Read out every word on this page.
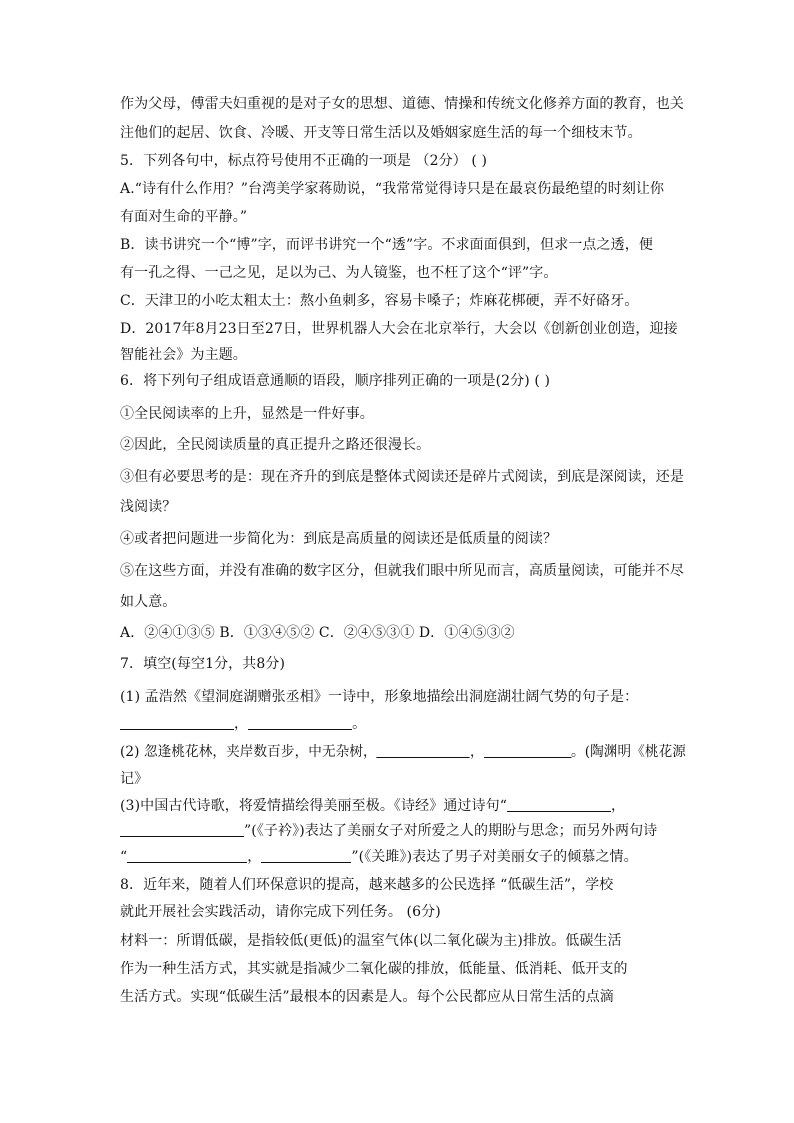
作为父母，傅雷夫妇重视的是对子女的思想、道德、情操和传统文化修养方面的教育，也关
注他们的起居、饮食、冷暖、开支等日常生活以及婚姻家庭生活的每一个细枝末节。
5．下列各句中，标点符号使用不正确的一项是 （2分） ( )
A.“诗有什么作用？”台湾美学家蒋勋说，“我常常觉得诗只是在最哀伤最绝望的时刻让你
有面对生命的平静。”
B．读书讲究一个“博”字，而评书讲究一个“透”字。不求面面俱到，但求一点之透，便
有一孔之得、一己之见，足以为己、为人镜鉴，也不枉了这个“评”字。
C．天津卫的小吃太粗太土：熬小鱼刺多，容易卡嗓子；炸麻花梆硬，弄不好硌牙。
D．2017年8月23日至27日，世界机器人大会在北京举行，大会以《创新创业创造，迎接
智能社会》为主题。
6．将下列句子组成语意通顺的语段，顺序排列正确的一项是(2分) ( )
①全民阅读率的上升，显然是一件好事。
②因此，全民阅读质量的真正提升之路还很漫长。
③但有必要思考的是：现在齐升的到底是整体式阅读还是碎片式阅读，到底是深阅读，还是
浅阅读？
④或者把问题进一步简化为：到底是高质量的阅读还是低质量的阅读？
⑤在这些方面，并没有准确的数字区分，但就我们眼中所见而言，高质量阅读，可能并不尽
如人意。
A．②④①③⑤ B．①③④⑤② C．②④⑤③① D．①④⑤③②
7．填空(每空1分，共8分)
(1) 孟浩然《望洞庭湖赠张丞相》一诗中，形象地描绘出洞庭湖壮阔气势的句子是：
，	。
(2) 忽逢桃花林，夹岸数百步，中无杂树，	，	。(陶渊明《桃花源
记》
(3)中国古代诗歌，将爱情描绘得美丽至极。《诗经》通过诗句“	，
”(《子衿》)表达了美丽女子对所爱之人的期盼与思念；而另外两句诗
“	，	”(《关雎》)表达了男子对美丽女子的倾慕之情。
8．近年来，随着人们环保意识的提高，越来越多的公民选择 “低碳生活”，学校
就此开展社会实践活动，请你完成下列任务。 (6分)
材料一：所谓低碳，是指较低(更低)的温室气体(以二氧化碳为主)排放。低碳生活
作为一种生活方式，其实就是指减少二氧化碳的排放，低能量、低消耗、低开支的
生活方式。实现“低碳生活”最根本的因素是人。每个公民都应从日常生活的点滴
